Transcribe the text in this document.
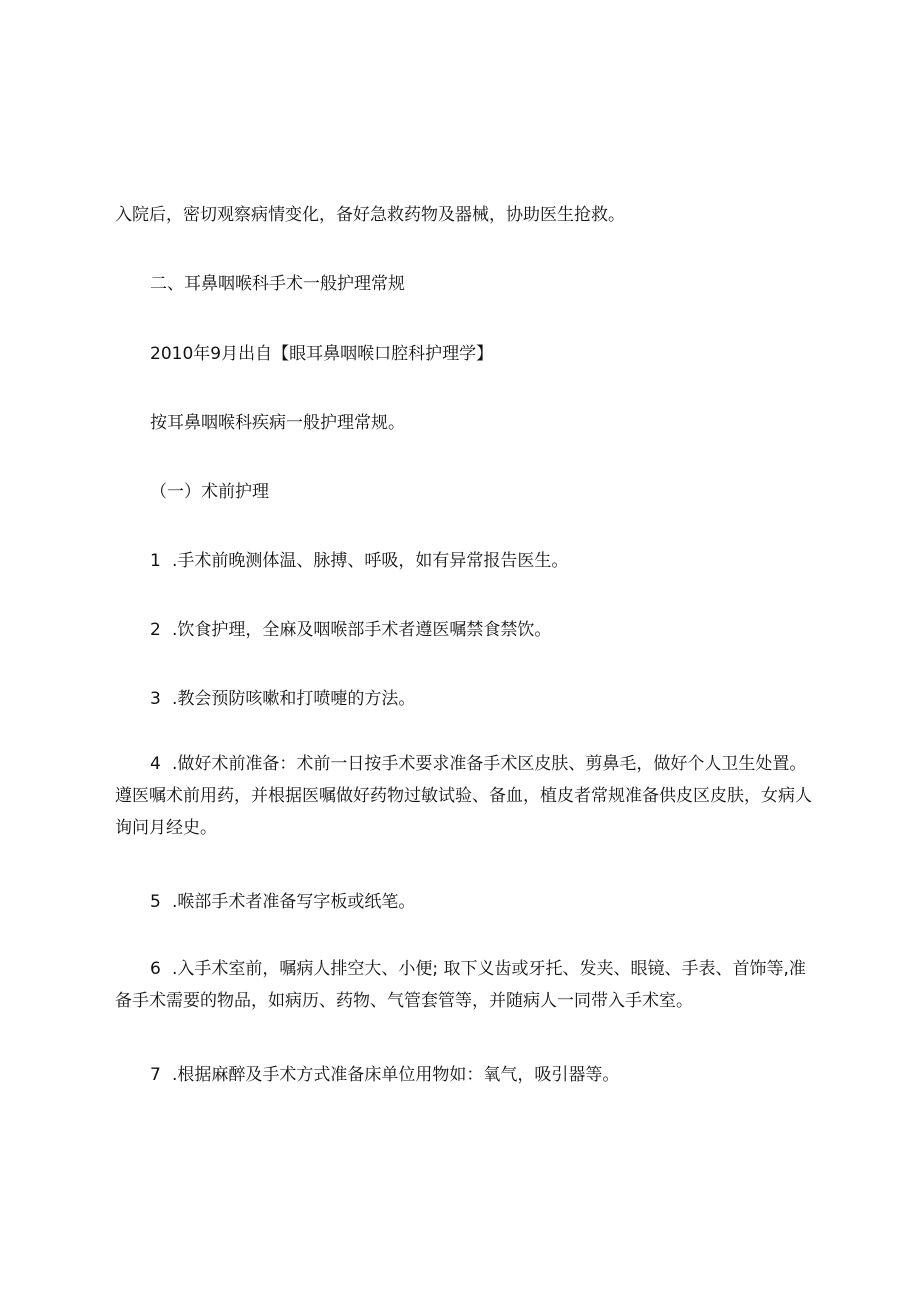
入院后，密切观察病情变化，备好急救药物及器械，协助医生抢救。

二、耳鼻咽喉科手术一般护理常规

2010年9月出自【眼耳鼻咽喉口腔科护理学】

按耳鼻咽喉科疾病一般护理常规。

（一）术前护理

1 .手术前晚测体温、脉搏、呼吸，如有异常报告医生。

2 .饮食护理，全麻及咽喉部手术者遵医嘱禁食禁饮。

3 .教会预防咳嗽和打喷嚏的方法。

4 .做好术前准备：术前一日按手术要求准备手术区皮肤、剪鼻毛，做好个人卫生处置。
遵医嘱术前用药，并根据医嘱做好药物过敏试验、备血，植皮者常规准备供皮区皮肤，女病人
询问月经史。

5 .喉部手术者准备写字板或纸笔。

6 .入手术室前，嘱病人排空大、小便; 取下义齿或牙托、发夹、眼镜、手表、首饰等,准
备手术需要的物品，如病历、药物、气管套管等，并随病人一同带入手术室。

7 .根据麻醉及手术方式准备床单位用物如：氧气，吸引器等。
